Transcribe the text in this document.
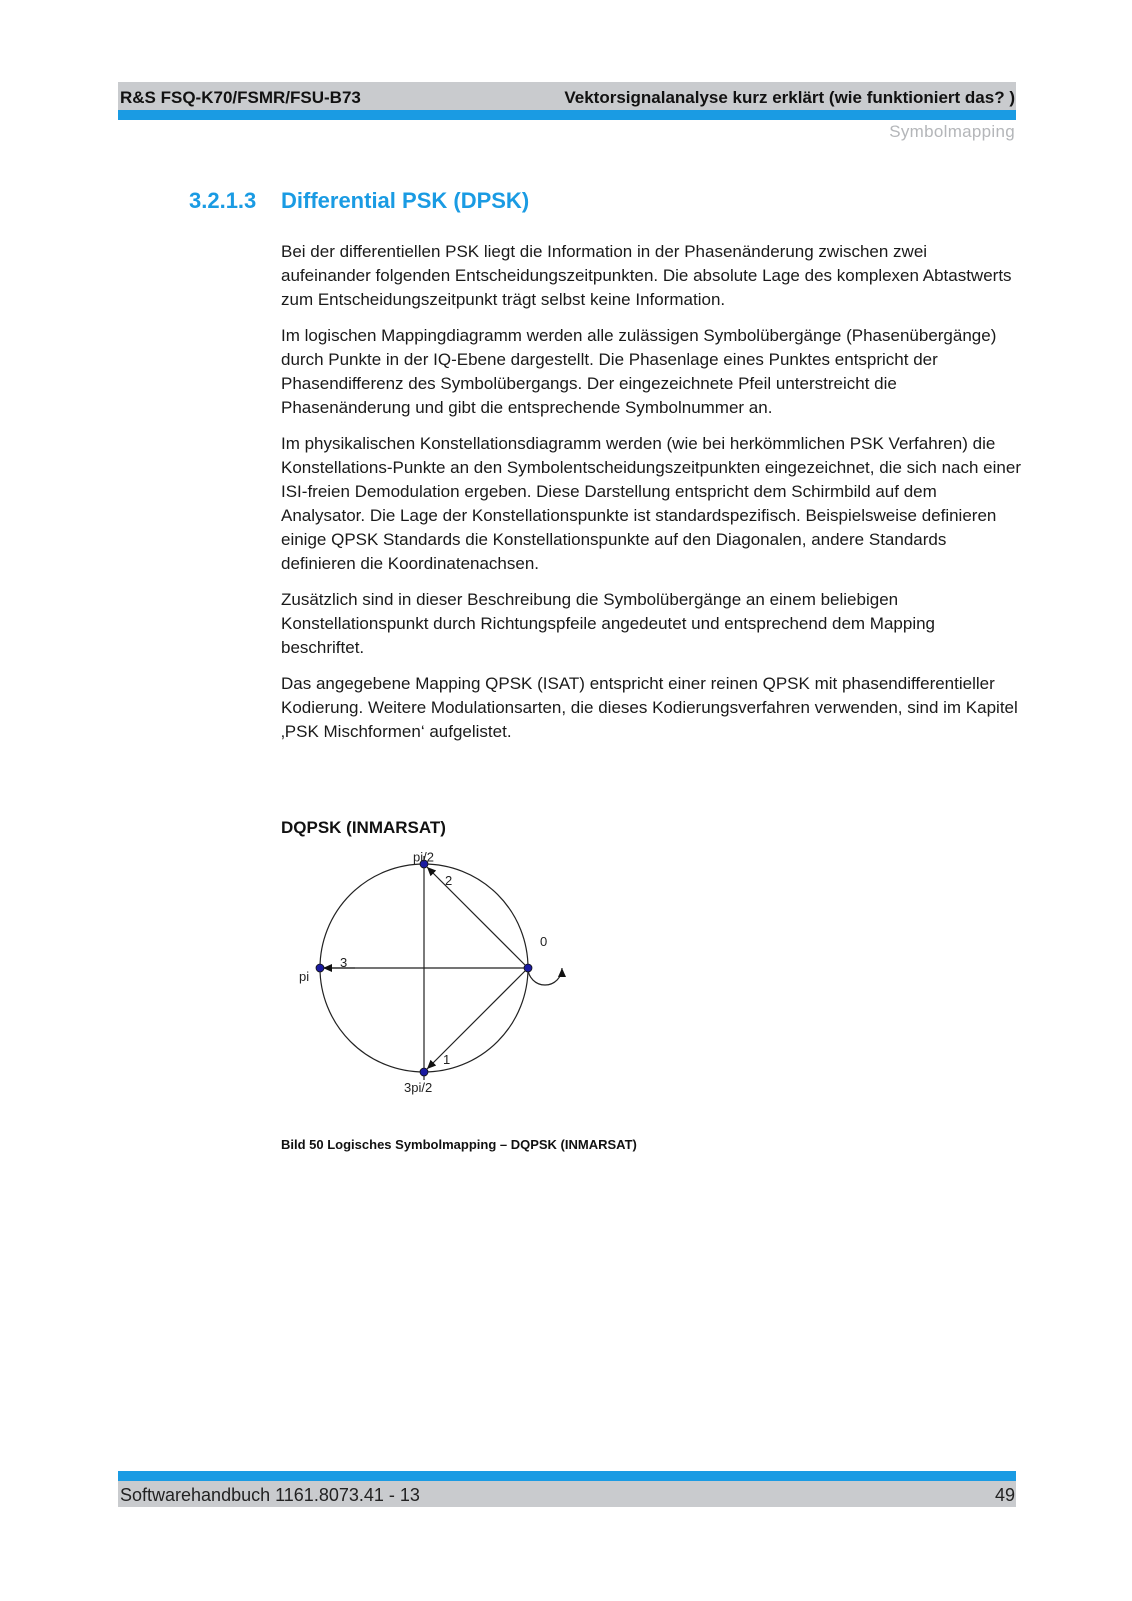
R&S FSQ-K70/FSMR/FSU-B73	Vektorsignalanalyse kurz erklärt (wie funktioniert das? )
Symbolmapping
3.2.1.3 Differential PSK (DPSK)

Bei der differentiellen PSK liegt die Information in der Phasenänderung zwischen zwei aufeinander folgenden Entscheidungszeitpunkten. Die absolute Lage des komplexen Abtastwerts zum Entscheidungszeitpunkt trägt selbst keine Information.

Im logischen Mappingdiagramm werden alle zulässigen Symbolübergänge (Phasenübergänge) durch Punkte in der IQ-Ebene dargestellt. Die Phasenlage eines Punktes entspricht der Phasendifferenz des Symbolübergangs. Der eingezeichnete Pfeil unterstreicht die Phasenänderung und gibt die entsprechende Symbolnummer an.

Im physikalischen Konstellationsdiagramm werden (wie bei herkömmlichen PSK Verfahren) die Konstellations-Punkte an den Symbolentscheidungszeitpunkten eingezeichnet, die sich nach einer ISI-freien Demodulation ergeben. Diese Darstellung entspricht dem Schirmbild auf dem Analysator. Die Lage der Konstellationspunkte ist standardspezifisch. Beispielsweise definieren einige QPSK Standards die Konstellationspunkte auf den Diagonalen, andere Standards definieren die Koordinatenachsen.

Zusätzlich sind in dieser Beschreibung die Symbolübergänge an einem beliebigen Konstellationspunkt durch Richtungspfeile angedeutet und entsprechend dem Mapping beschriftet.

Das angegebene Mapping QPSK (ISAT) entspricht einer reinen QPSK mit phasendifferentieller Kodierung. Weitere Modulationsarten, die dieses Kodierungsverfahren verwenden, sind im Kapitel ‚PSK Mischformen‘ aufgelistet.

DQPSK (INMARSAT)
pi/2
pi
3pi/2
2
0
3
1
Bild 50 Logisches Symbolmapping – DQPSK (INMARSAT)
Softwarehandbuch 1161.8073.41 - 13	49
